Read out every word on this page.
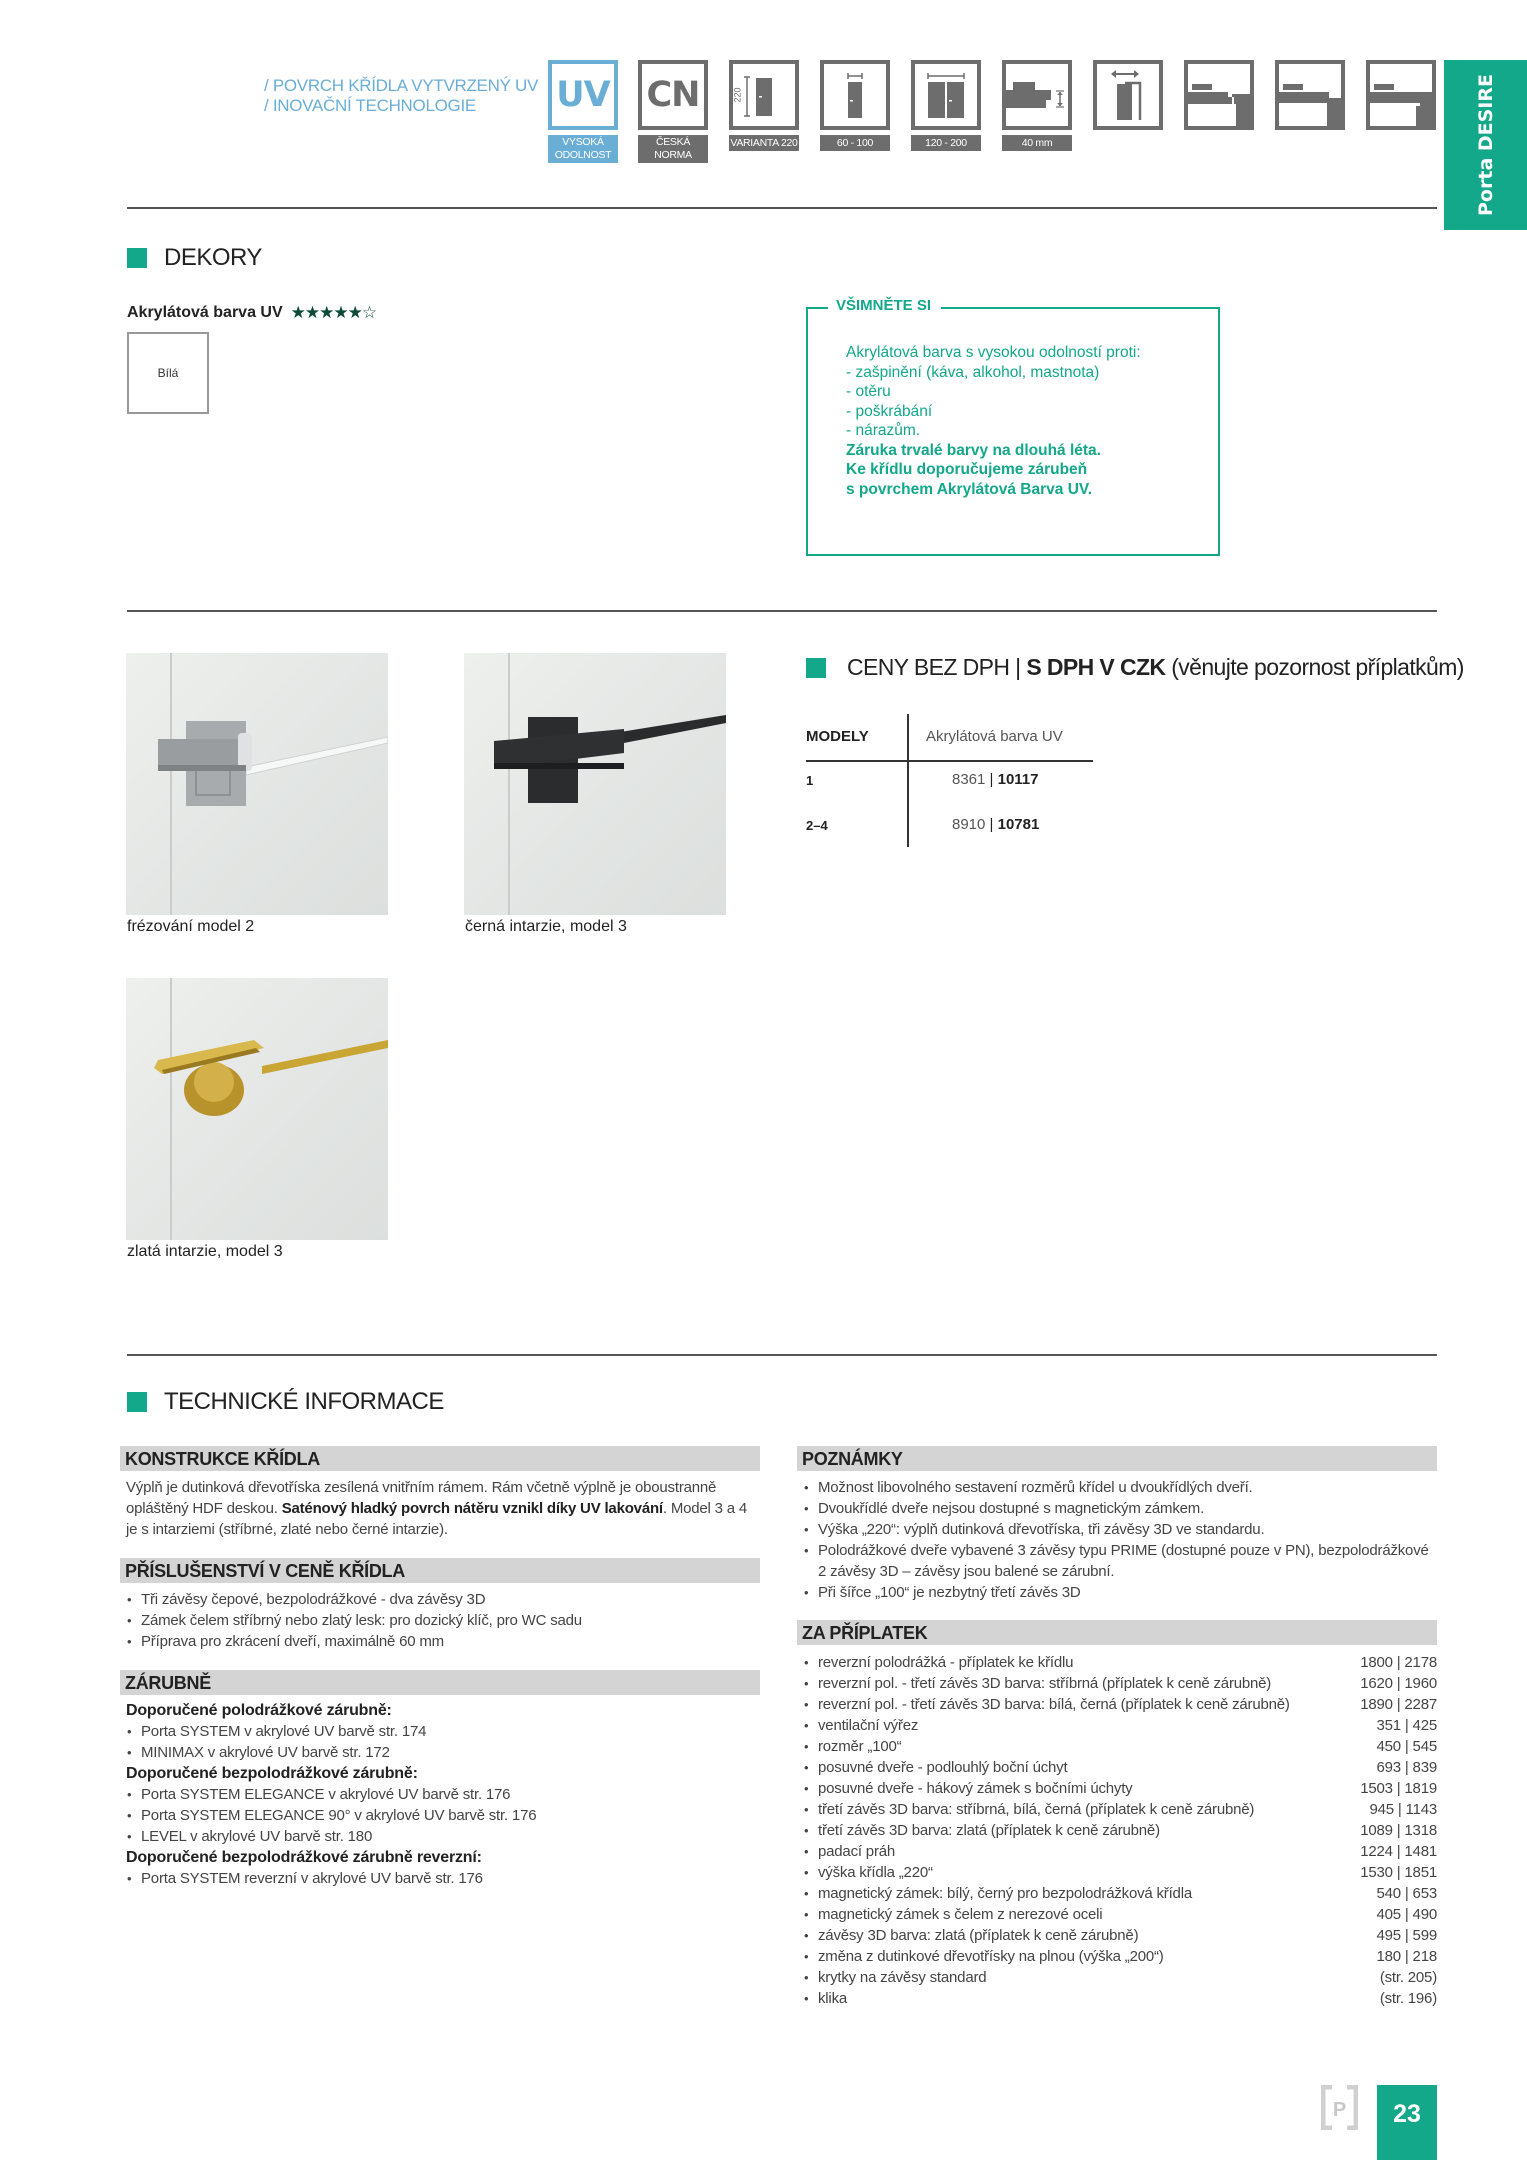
/ POVRCH KŘÍDLA VYTVRZENÝ UV
/ INOVAČNÍ TECHNOLOGIE	UV
VYSOKÁ
ODOLNOST
CN
ČESKÁ
NORMA
220
VARIANTA 220	60 - 100	120 - 200	40 mm	Porta DESIRE
DEKORY
Akrylátová barva UV ★★★★★☆
Bílá
VŠIMNĚTE SI
Akrylátová barva s vysokou odolností proti:
- zašpinění (káva, alkohol, mastnota)
- otěru
- poškrábání
- nárazům.
Záruka trvalé barvy na dlouhá léta.
Ke křídlu doporučujeme zárubeň
s povrchem Akrylátová Barva UV.
frézování model 2	černá intarzie, model 3
zlatá intarzie, model 3
CENY BEZ DPH | S DPH V CZK (věnujte pozornost příplatkům)
MODELY	Akrylátová barva UV
1	8361 | 10117
2–4	8910 | 10781
TECHNICKÉ INFORMACE
KONSTRUKCE KŘÍDLA
Výplň je dutinková dřevotříska zesílená vnitřním rámem. Rám včetně výplně je oboustranně opláštěný HDF deskou. Saténový hladký povrch nátěru vznikl díky UV lakování. Model 3 a 4 je s intarziemi (stříbrné, zlaté nebo černé intarzie).
PŘÍSLUŠENSTVÍ V CENĚ KŘÍDLA
• Tři závěsy čepové, bezpolodrážkové - dva závěsy 3D
• Zámek čelem stříbrný nebo zlatý lesk: pro dozický klíč, pro WC sadu
• Příprava pro zkrácení dveří, maximálně 60 mm
ZÁRUBNĚ
Doporučené polodrážkové zárubně:
• Porta SYSTEM v akrylové UV barvě str. 174
• MINIMAX v akrylové UV barvě str. 172
Doporučené bezpolodrážkové zárubně:
• Porta SYSTEM ELEGANCE v akrylové UV barvě str. 176
• Porta SYSTEM ELEGANCE 90° v akrylové UV barvě str. 176
• LEVEL v akrylové UV barvě str. 180
Doporučené bezpolodrážkové zárubně reverzní:
• Porta SYSTEM reverzní v akrylové UV barvě str. 176
POZNÁMKY
• Možnost libovolného sestavení rozměrů křídel u dvoukřídlých dveří.
• Dvoukřídlé dveře nejsou dostupné s magnetickým zámkem.
• Výška „220“: výplň dutinková dřevotříska, tři závěsy 3D ve standardu.
• Polodrážkové dveře vybavené 3 závěsy typu PRIME (dostupné pouze v PN), bezpolodrážkové 2 závěsy 3D – závěsy jsou balené se zárubní.
• Při šířce „100“ je nezbytný třetí závěs 3D
ZA PŘÍPLATEK
• reverzní polodrážká - příplatek ke křídlu	1800 | 2178
• reverzní pol. - třetí závěs 3D barva: stříbrná (příplatek k ceně zárubně)	1620 | 1960
• reverzní pol. - třetí závěs 3D barva: bílá, černá (příplatek k ceně zárubně)	1890 | 2287
• ventilační výřez	351 | 425
• rozměr „100“	450 | 545
• posuvné dveře - podlouhlý boční úchyt	693 | 839
• posuvné dveře - hákový zámek s bočními úchyty	1503 | 1819
• třetí závěs 3D barva: stříbrná, bílá, černá (příplatek k ceně zárubně)	945 | 1143
• třetí závěs 3D barva: zlatá (příplatek k ceně zárubně)	1089 | 1318
• padací práh	1224 | 1481
• výška křídla „220“	1530 | 1851
• magnetický zámek: bílý, černý pro bezpolodrážková křídla	540 | 653
• magnetický zámek s čelem z nerezové oceli	405 | 490
• závěsy 3D barva: zlatá (příplatek k ceně zárubně)	495 | 599
• změna z dutinkové dřevotřísky na plnou (výška „200“)	180 | 218
• krytky na závěsy standard	(str. 205)
• klika	(str. 196)
P	23
